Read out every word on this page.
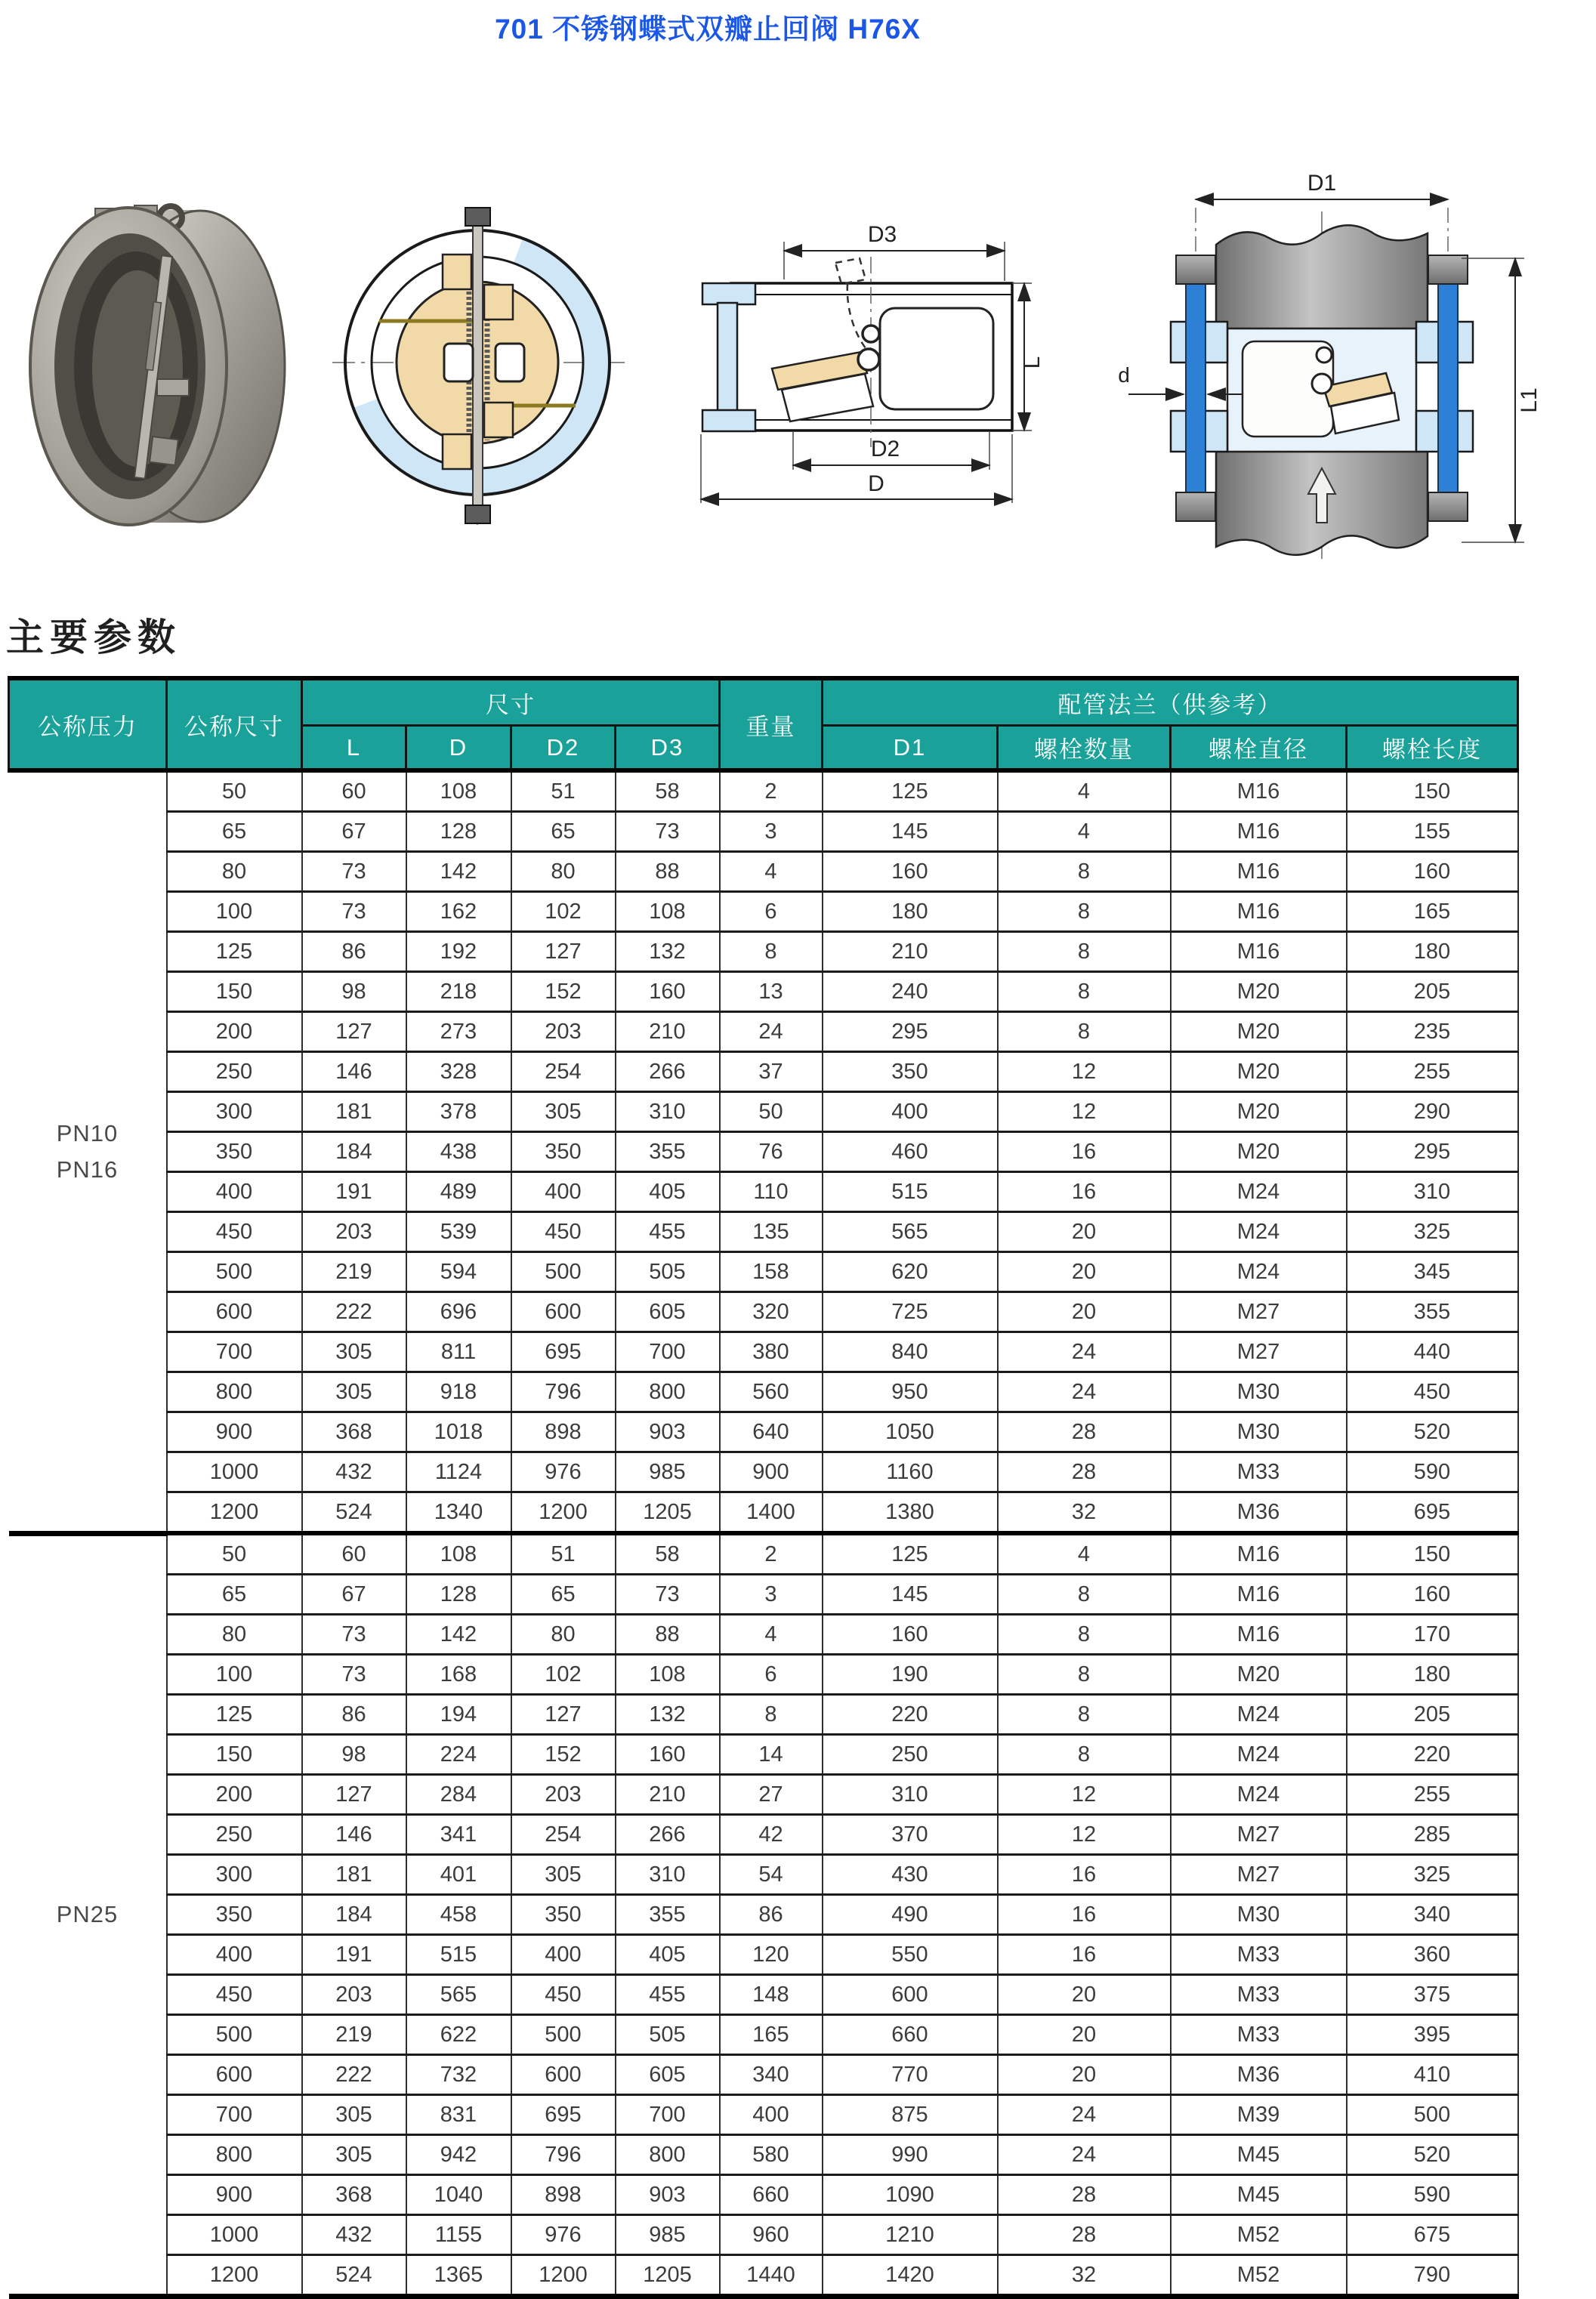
701 不锈钢蝶式双瓣止回阀 H76X
D3
L
D2
D
D1
d
L1
主要参数
公称压力	公称尺寸	尺寸				重量	配管法兰（供参考）			
		L	D	D2	D3		D1	螺栓数量	螺栓直径	螺栓长度

PN10
PN16	50	60	108	51	58	2	125	4	M16	150
	65	67	128	65	73	3	145	4	M16	155
	80	73	142	80	88	4	160	8	M16	160
	100	73	162	102	108	6	180	8	M16	165
	125	86	192	127	132	8	210	8	M16	180
	150	98	218	152	160	13	240	8	M20	205
	200	127	273	203	210	24	295	8	M20	235
	250	146	328	254	266	37	350	12	M20	255
	300	181	378	305	310	50	400	12	M20	290
	350	184	438	350	355	76	460	16	M20	295
	400	191	489	400	405	110	515	16	M24	310
	450	203	539	450	455	135	565	20	M24	325
	500	219	594	500	505	158	620	20	M24	345
	600	222	696	600	605	320	725	20	M27	355
	700	305	811	695	700	380	840	24	M27	440
	800	305	918	796	800	560	950	24	M30	450
	900	368	1018	898	903	640	1050	28	M30	520
	1000	432	1124	976	985	900	1160	28	M33	590
	1200	524	1340	1200	1205	1400	1380	32	M36	695

PN25	50	60	108	51	58	2	125	4	M16	150
	65	67	128	65	73	3	145	8	M16	160
	80	73	142	80	88	4	160	8	M16	170
	100	73	168	102	108	6	190	8	M20	180
	125	86	194	127	132	8	220	8	M24	205
	150	98	224	152	160	14	250	8	M24	220
	200	127	284	203	210	27	310	12	M24	255
	250	146	341	254	266	42	370	12	M27	285
	300	181	401	305	310	54	430	16	M27	325
	350	184	458	350	355	86	490	16	M30	340
	400	191	515	400	405	120	550	16	M33	360
	450	203	565	450	455	148	600	20	M33	375
	500	219	622	500	505	165	660	20	M33	395
	600	222	732	600	605	340	770	20	M36	410
	700	305	831	695	700	400	875	24	M39	500
	800	305	942	796	800	580	990	24	M45	520
	900	368	1040	898	903	660	1090	28	M45	590
	1000	432	1155	976	985	960	1210	28	M52	675
	1200	524	1365	1200	1205	1440	1420	32	M52	790
